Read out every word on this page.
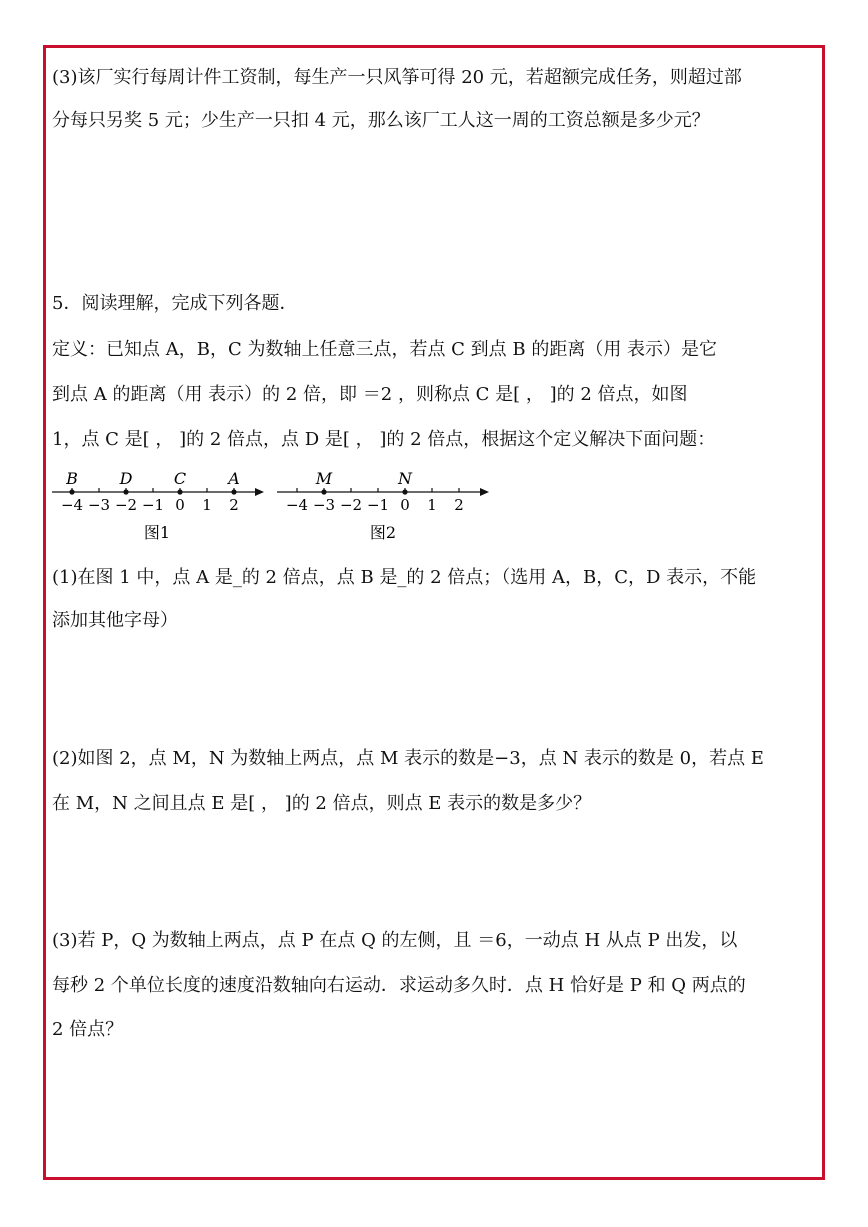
(3)该厂实行每周计件工资制，每生产一只风筝可得 20 元，若超额完成任务，则超过部
分每只另奖 5 元；少生产一只扣 4 元，那么该厂工人这一周的工资总额是多少元？
5．阅读理解，完成下列各题．
定义：已知点 A，B，C 为数轴上任意三点，若点 C 到点 B 的距离（用 表示）是它
到点 A 的距离（用 表示）的 2 倍，即 ＝2 ，则称点 C 是[ ， ]的 2 倍点，如图
1，点 C 是[ ， ]的 2 倍点，点 D 是[ ， ]的 2 倍点，根据这个定义解决下面问题：
−4 −3 −2 −1 0 1 2
B	D	C	A
图1
−4 −3 −2 −1 0 1 2
M	N
图2
(1)在图 1 中，点 A 是_的 2 倍点，点 B 是_的 2 倍点；（选用 A，B，C，D 表示，不能
添加其他字母）
(2)如图 2，点 M，N 为数轴上两点，点 M 表示的数是−3，点 N 表示的数是 0，若点 E
在 M，N 之间且点 E 是[ ， ]的 2 倍点，则点 E 表示的数是多少？
(3)若 P，Q 为数轴上两点，点 P 在点 Q 的左侧，且 ＝6，一动点 H 从点 P 出发，以
每秒 2 个单位长度的速度沿数轴向右运动．求运动多久时．点 H 恰好是 P 和 Q 两点的
2 倍点？
